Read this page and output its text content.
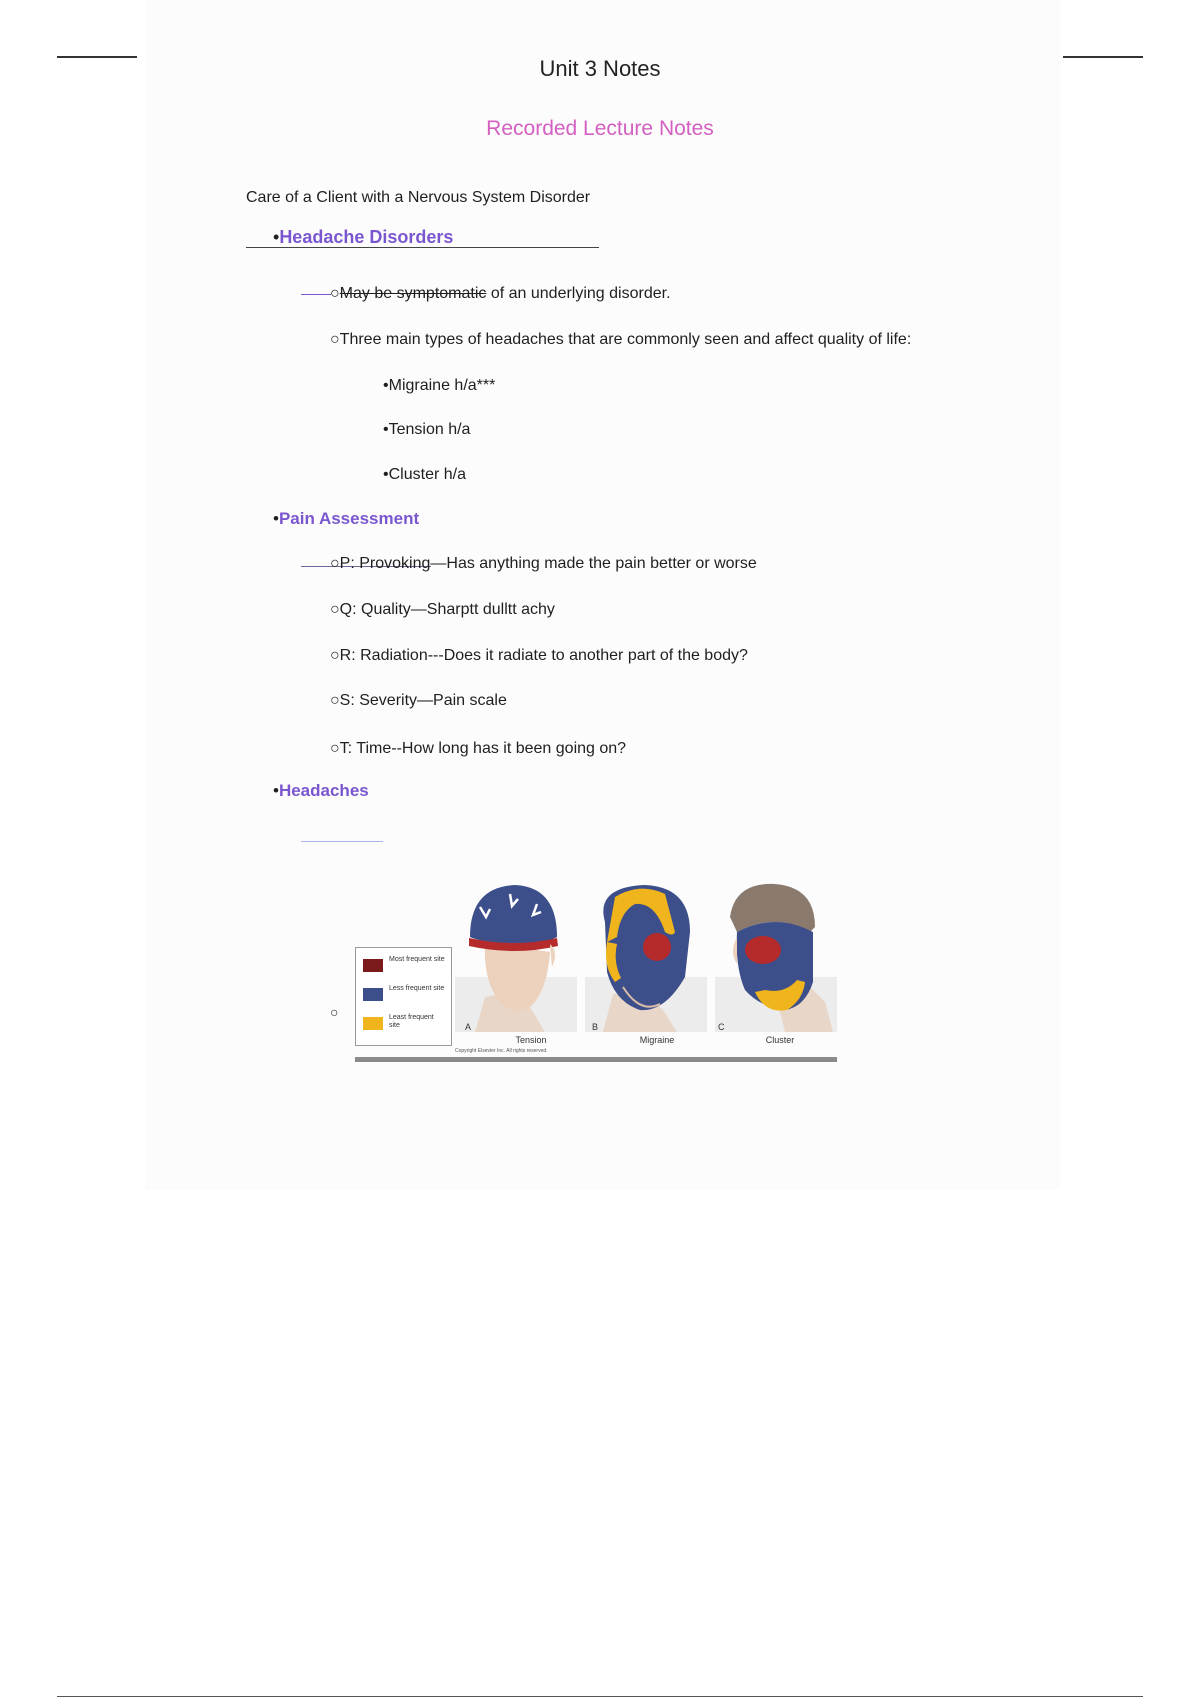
Unit 3 Notes
Recorded Lecture Notes
Care of a Client with a Nervous System Disorder
•Headache Disorders
○May be symptomatic of an underlying disorder.
○Three main types of headaches that are commonly seen and affect quality of life:
•Migraine h/a***
•Tension h/a
•Cluster h/a
•Pain Assessment
○P: Provoking—Has anything made the pain better or worse
○Q: Quality—Sharptt dulltt achy
○R: Radiation---Does it radiate to another part of the body?
○S: Severity—Pain scale
○T: Time--How long has it been going on?
•Headaches
○
Most frequent site
Less frequent site
Least frequent site	A
Tension
B
Migraine
C
Cluster
Copyright Elsevier Inc. All rights reserved.
